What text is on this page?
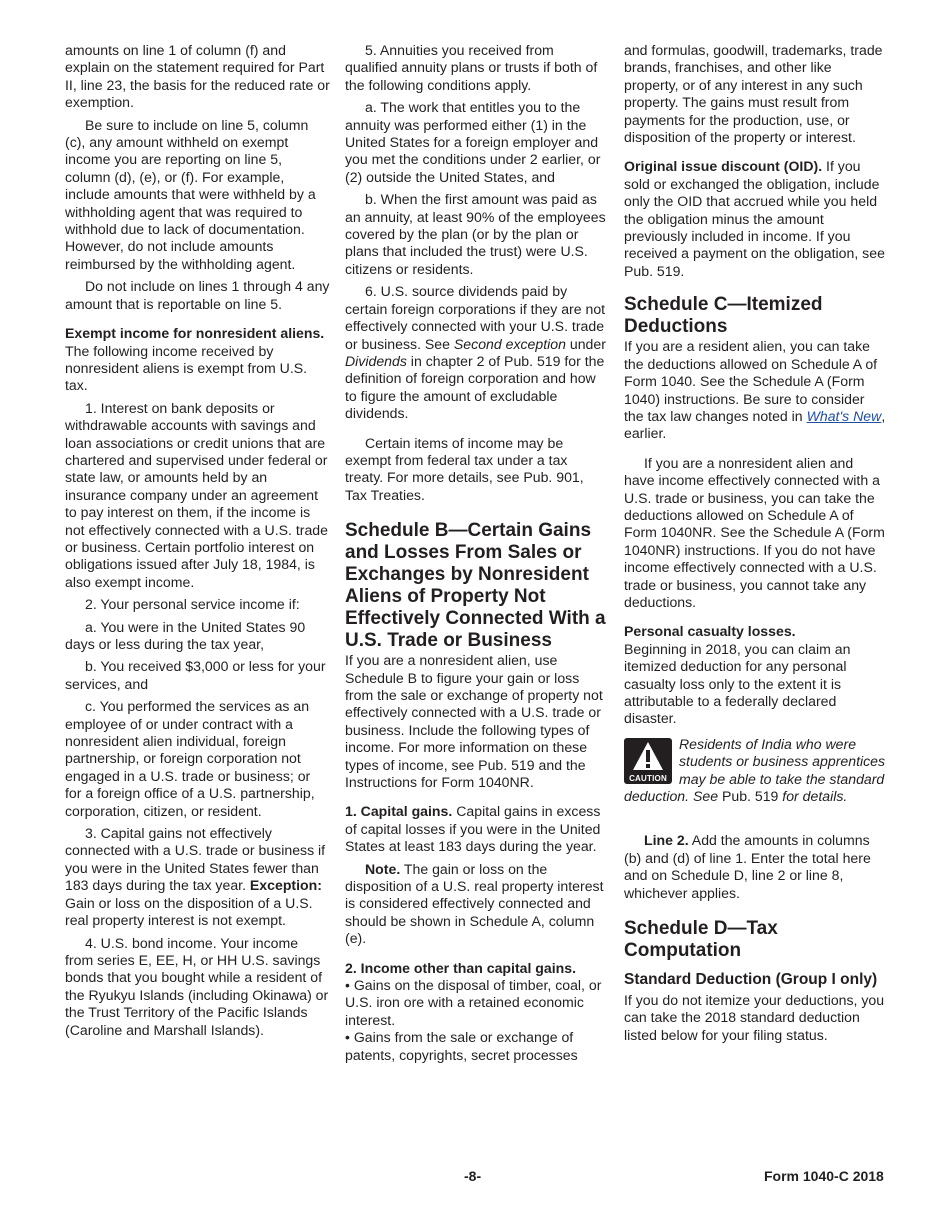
amounts on line 1 of column (f) and explain on the statement required for Part II, line 23, the basis for the reduced rate or exemption.

Be sure to include on line 5, column (c), any amount withheld on exempt income you are reporting on line 5, column (d), (e), or (f). For example, include amounts that were withheld by a withholding agent that was required to withhold due to lack of documentation. However, do not include amounts reimbursed by the withholding agent.

Do not include on lines 1 through 4 any amount that is reportable on line 5.

Exempt income for nonresident aliens. The following income received by nonresident aliens is exempt from U.S. tax.

1. Interest on bank deposits or withdrawable accounts with savings and loan associations or credit unions that are chartered and supervised under federal or state law, or amounts held by an insurance company under an agreement to pay interest on them, if the income is not effectively connected with a U.S. trade or business. Certain portfolio interest on obligations issued after July 18, 1984, is also exempt income.

2. Your personal service income if:

a. You were in the United States 90 days or less during the tax year,

b. You received $3,000 or less for your services, and

c. You performed the services as an employee of or under contract with a nonresident alien individual, foreign partnership, or foreign corporation not engaged in a U.S. trade or business; or for a foreign office of a U.S. partnership, corporation, citizen, or resident.

3. Capital gains not effectively connected with a U.S. trade or business if you were in the United States fewer than 183 days during the tax year. Exception: Gain or loss on the disposition of a U.S. real property interest is not exempt.

4. U.S. bond income. Your income from series E, EE, H, or HH U.S. savings bonds that you bought while a resident of the Ryukyu Islands (including Okinawa) or the Trust Territory of the Pacific Islands (Caroline and Marshall Islands).

5. Annuities you received from qualified annuity plans or trusts if both of the following conditions apply.

a. The work that entitles you to the annuity was performed either (1) in the United States for a foreign employer and you met the conditions under 2 earlier, or (2) outside the United States, and

b. When the first amount was paid as an annuity, at least 90% of the employees covered by the plan (or by the plan or plans that included the trust) were U.S. citizens or residents.

6. U.S. source dividends paid by certain foreign corporations if they are not effectively connected with your U.S. trade or business. See Second exception under Dividends in chapter 2 of Pub. 519 for the definition of foreign corporation and how to figure the amount of excludable dividends.

Certain items of income may be exempt from federal tax under a tax treaty. For more details, see Pub. 901, Tax Treaties.

Schedule B—Certain Gains and Losses From Sales or Exchanges by Nonresident Aliens of Property Not Effectively Connected With a U.S. Trade or Business

If you are a nonresident alien, use Schedule B to figure your gain or loss from the sale or exchange of property not effectively connected with a U.S. trade or business. Include the following types of income. For more information on these types of income, see Pub. 519 and the Instructions for Form 1040NR.

1. Capital gains. Capital gains in excess of capital losses if you were in the United States at least 183 days during the year.

Note. The gain or loss on the disposition of a U.S. real property interest is considered effectively connected and should be shown in Schedule A, column (e).

2. Income other than capital gains.

• Gains on the disposal of timber, coal, or U.S. iron ore with a retained economic interest.

• Gains from the sale or exchange of patents, copyrights, secret processes

and formulas, goodwill, trademarks, trade brands, franchises, and other like property, or of any interest in any such property. The gains must result from payments for the production, use, or disposition of the property or interest.

Original issue discount (OID). If you sold or exchanged the obligation, include only the OID that accrued while you held the obligation minus the amount previously included in income. If you received a payment on the obligation, see Pub. 519.

Schedule C—Itemized Deductions

If you are a resident alien, you can take the deductions allowed on Schedule A of Form 1040. See the Schedule A (Form 1040) instructions. Be sure to consider the tax law changes noted in What's New, earlier.

If you are a nonresident alien and have income effectively connected with a U.S. trade or business, you can take the deductions allowed on Schedule A of Form 1040NR. See the Schedule A (Form 1040NR) instructions. If you do not have income effectively connected with a U.S. trade or business, you cannot take any deductions.

Personal casualty losses.

Beginning in 2018, you can claim an itemized deduction for any personal casualty loss only to the extent it is attributable to a federally declared disaster.

CAUTION

Residents of India who were students or business apprentices may be able to take the standard deduction. See Pub. 519 for details.

Line 2. Add the amounts in columns (b) and (d) of line 1. Enter the total here and on Schedule D, line 2 or line 8, whichever applies.

Schedule D—Tax Computation
Standard Deduction (Group I only)

If you do not itemize your deductions, you can take the 2018 standard deduction listed below for your filing status.

-8-	Form 1040-C 2018
